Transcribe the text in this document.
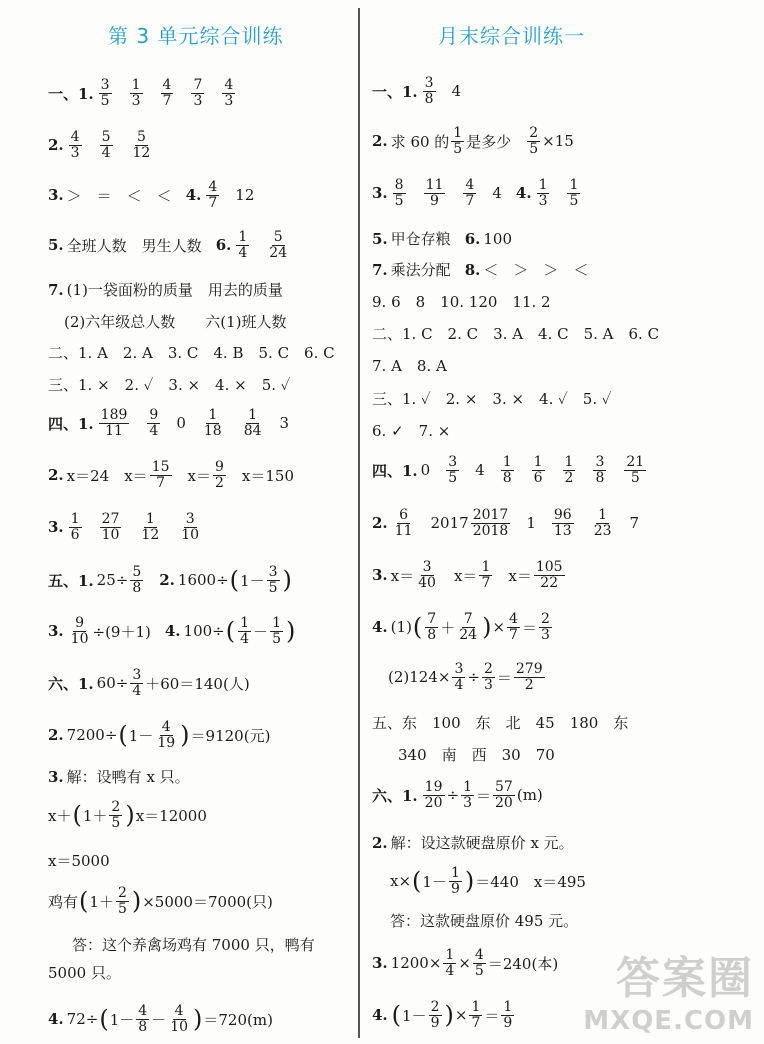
第 3 单元综合训练	月末综合训练一
一、1. $\frac{3}{5} \frac{1}{3} \frac{4}{7} \frac{7}{3} \frac{4}{3}$
2. $\frac{4}{3} \frac{5}{4} \frac{5}{12}$
3. ＞　＝　＜　＜ 4. $\frac{4}{7} 12$
5. 全班人数　男生人数 6. $\frac{1}{4} \frac{5}{24}$
7. (1)一袋面粉的质量　用去的质量
(2)六年级总人数　　六(1)班人数
二、1. A　2. A　3. C　4. B　5. C　6. C
三、1. ×　2. ✓　3. ×　4. ×　5. ✓
四、1. $\frac{189}{11} \frac{9}{4} 0 \frac{1}{18} \frac{1}{84} 3$
2. x＝24　$x= \frac{15}{7} x= \frac{9}{2} x=150$
3. $\frac{1}{6} \frac{27}{10} \frac{1}{12} \frac{3}{10}$
五、1. $25\div \frac{5}{8} 2$. 1600÷ ( $1- \frac{3}{5}$ )
3. $\frac{9}{10} \div(9+1)$ 4. 100÷ ( $\frac{1}{4} - \frac{1}{5}$ )
六、1. $60\div \frac{3}{4} +60=140$(人)
2. 7200÷ ( $1- \frac{4}{19}$ ) ＝9120(元)
3. 解：设鸭有 x 只。
x＋ ( $1+ \frac{2}{5}$ ) x＝12000
x＝5000
鸡有 ( $1+ \frac{2}{5}$ ) ×5000＝7000(只)
答：这个养禽场鸡有 7000 只，鸭有
5000 只。
4. 72÷ ( $1- \frac{4}{8} - \frac{4}{10}$ ) ＝720(m)
一、1. $\frac{3}{8} 4$
2. 求 60 的 $\frac{1}{5}$ 是多少 $\frac{2}{5} \times 15$
3. $\frac{8}{5} \frac{11}{9} \frac{4}{7} 4$ 4. $\frac{1}{3} \frac{1}{5}$
5. 甲仓存粮 6. 100
7. 乘法分配 8. ＜　＞　＞　＜
9. 6　8　10. 120　11. 2
二、1. C　2. C　3. A　4. C　5. A　6. C
7. A　8. A
三、1. ✓　2. ×　3. ×　4. ✓　5. ✓
6. ✓　7. ×
四、1. $0 \frac{3}{5} 4 \frac{1}{8} \frac{1}{6} \frac{1}{2} \frac{3}{8} \frac{21}{5}$
2. $\frac{6}{11} 2017 \frac{2017}{2018} 1 \frac{96}{13} \frac{1}{23} 7$
3. $x= \frac{3}{40} x= \frac{1}{7} x= \frac{105}{22}$
4. (1) ( $\frac{7}{8} + \frac{7}{24}$ ) × $\frac{4}{7} = \frac{2}{3}$
$(2)124\times \frac{3}{4} \div \frac{2}{3} = \frac{279}{2}$
五、东　100　东　北　45　180　东
340　南　西　30　70
六、1. $\frac{19}{20} \div \frac{1}{3} = \frac{57}{20} (m)$
2. 解：设这款硬盘原价 x 元。
x× ( $1- \frac{1}{9}$ ) ＝440　x＝495
答：这款硬盘原价 495 元。
3. $1200\times \frac{1}{4} \times \frac{4}{5} =240$(本)
4. ( $1- \frac{2}{9}$ ) × $\frac{1}{7} = \frac{1}{9}$
答案圈
MXQE.COM
